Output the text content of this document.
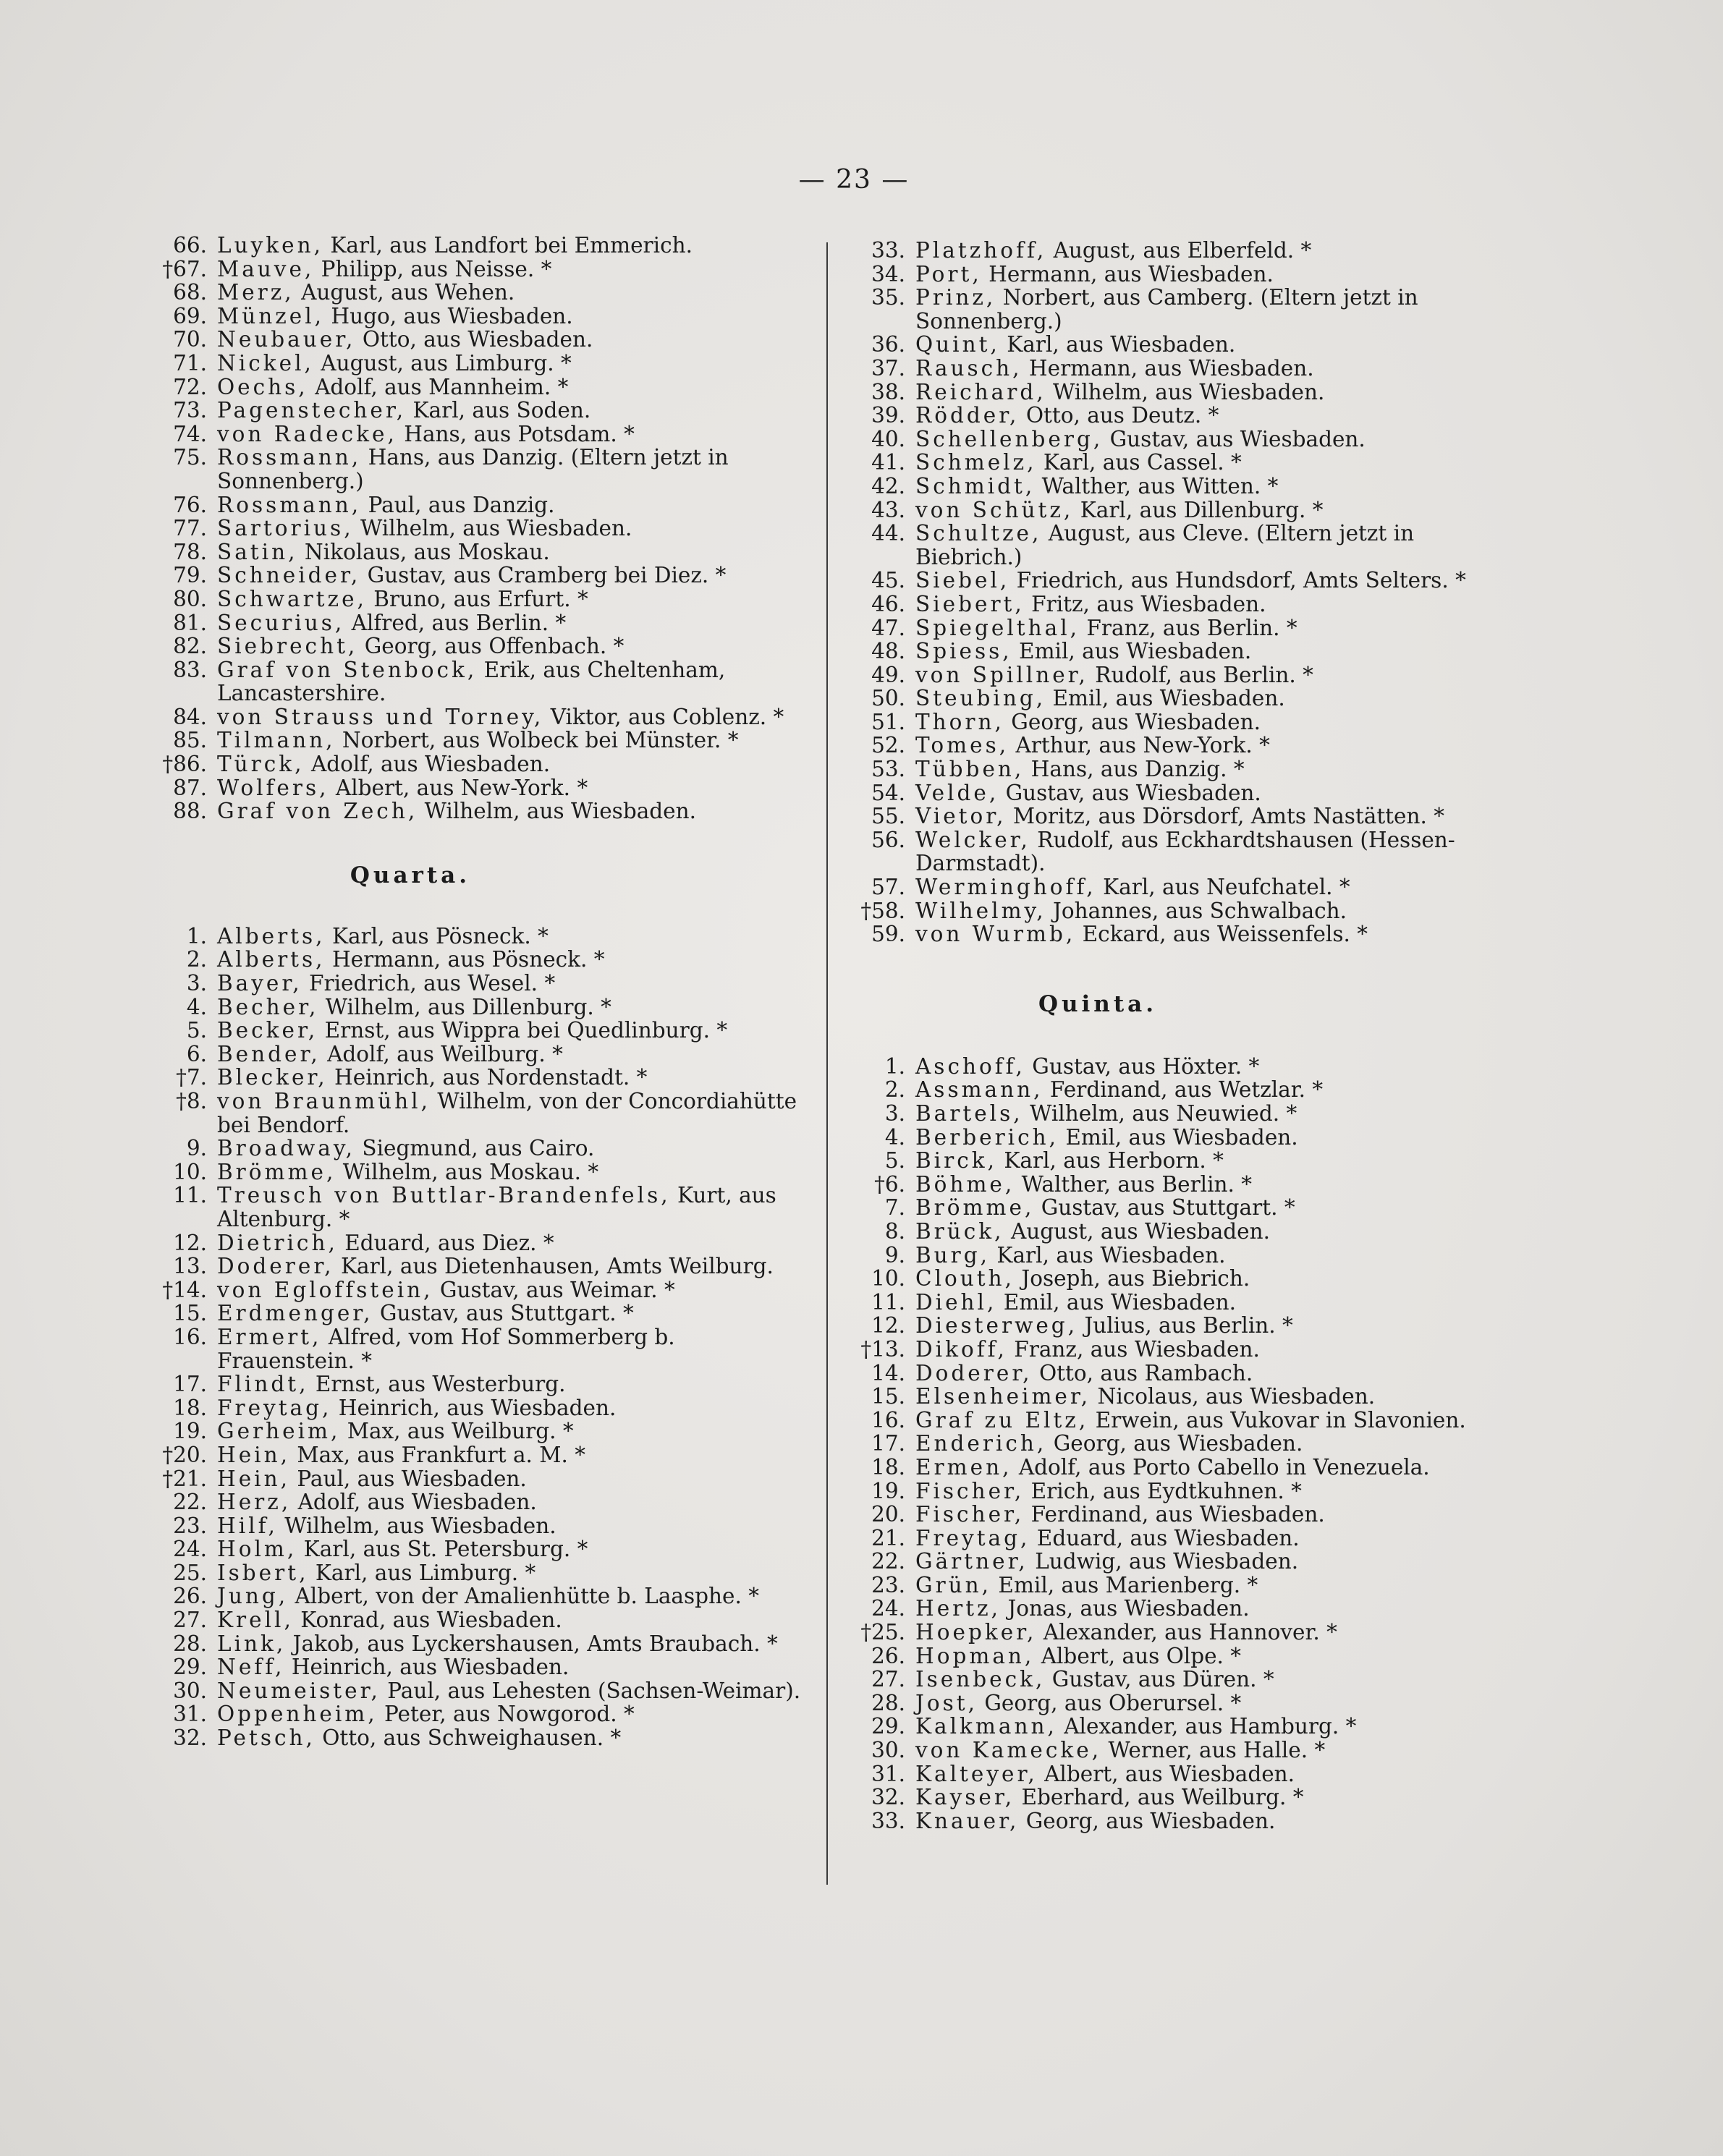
— 23 —
66. Luyken, Karl, aus Landfort bei Emmerich.
†67. Mauve, Philipp, aus Neisse. *
68. Merz, August, aus Wehen.
69. Münzel, Hugo, aus Wiesbaden.
70. Neubauer, Otto, aus Wiesbaden.
71. Nickel, August, aus Limburg. *
72. Oechs, Adolf, aus Mannheim. *
73. Pagenstecher, Karl, aus Soden.
74. von Radecke, Hans, aus Potsdam. *
75. Rossmann, Hans, aus Danzig. (Eltern jetzt in Sonnenberg.)
76. Rossmann, Paul, aus Danzig.
77. Sartorius, Wilhelm, aus Wiesbaden.
78. Satin, Nikolaus, aus Moskau.
79. Schneider, Gustav, aus Cramberg bei Diez. *
80. Schwartze, Bruno, aus Erfurt. *
81. Securius, Alfred, aus Berlin. *
82. Siebrecht, Georg, aus Offenbach. *
83. Graf von Stenbock, Erik, aus Cheltenham, Lancastershire.
84. von Strauss und Torney, Viktor, aus Coblenz. *
85. Tilmann, Norbert, aus Wolbeck bei Münster. *
†86. Türck, Adolf, aus Wiesbaden.
87. Wolfers, Albert, aus New-York. *
88. Graf von Zech, Wilhelm, aus Wiesbaden.
Quarta.
1. Alberts, Karl, aus Pösneck. *
2. Alberts, Hermann, aus Pösneck. *
3. Bayer, Friedrich, aus Wesel. *
4. Becher, Wilhelm, aus Dillenburg. *
5. Becker, Ernst, aus Wippra bei Quedlinburg. *
6. Bender, Adolf, aus Weilburg. *
†7. Blecker, Heinrich, aus Nordenstadt. *
†8. von Braunmühl, Wilhelm, von der Concordiahütte bei Bendorf.
9. Broadway, Siegmund, aus Cairo.
10. Brömme, Wilhelm, aus Moskau. *
11. Treusch von Buttlar-Brandenfels, Kurt, aus Altenburg. *
12. Dietrich, Eduard, aus Diez. *
13. Doderer, Karl, aus Dietenhausen, Amts Weilburg.
†14. von Egloffstein, Gustav, aus Weimar. *
15. Erdmenger, Gustav, aus Stuttgart. *
16. Ermert, Alfred, vom Hof Sommerberg b. Frauenstein. *
17. Flindt, Ernst, aus Westerburg.
18. Freytag, Heinrich, aus Wiesbaden.
19. Gerheim, Max, aus Weilburg. *
†20. Hein, Max, aus Frankfurt a. M. *
†21. Hein, Paul, aus Wiesbaden.
22. Herz, Adolf, aus Wiesbaden.
23. Hilf, Wilhelm, aus Wiesbaden.
24. Holm, Karl, aus St. Petersburg. *
25. Isbert, Karl, aus Limburg. *
26. Jung, Albert, von der Amalienhütte b. Laasphe. *
27. Krell, Konrad, aus Wiesbaden.
28. Link, Jakob, aus Lyckershausen, Amts Braubach. *
29. Neff, Heinrich, aus Wiesbaden.
30. Neumeister, Paul, aus Lehesten (Sachsen-Weimar).
31. Oppenheim, Peter, aus Nowgorod. *
32. Petsch, Otto, aus Schweighausen. *
33. Platzhoff, August, aus Elberfeld. *
34. Port, Hermann, aus Wiesbaden.
35. Prinz, Norbert, aus Camberg. (Eltern jetzt in Sonnenberg.)
36. Quint, Karl, aus Wiesbaden.
37. Rausch, Hermann, aus Wiesbaden.
38. Reichard, Wilhelm, aus Wiesbaden.
39. Rödder, Otto, aus Deutz. *
40. Schellenberg, Gustav, aus Wiesbaden.
41. Schmelz, Karl, aus Cassel. *
42. Schmidt, Walther, aus Witten. *
43. von Schütz, Karl, aus Dillenburg. *
44. Schultze, August, aus Cleve. (Eltern jetzt in Biebrich.)
45. Siebel, Friedrich, aus Hundsdorf, Amts Selters. *
46. Siebert, Fritz, aus Wiesbaden.
47. Spiegelthal, Franz, aus Berlin. *
48. Spiess, Emil, aus Wiesbaden.
49. von Spillner, Rudolf, aus Berlin. *
50. Steubing, Emil, aus Wiesbaden.
51. Thorn, Georg, aus Wiesbaden.
52. Tomes, Arthur, aus New-York. *
53. Tübben, Hans, aus Danzig. *
54. Velde, Gustav, aus Wiesbaden.
55. Vietor, Moritz, aus Dörsdorf, Amts Nastätten. *
56. Welcker, Rudolf, aus Eckhardtshausen (Hessen-Darmstadt).
57. Werminghoff, Karl, aus Neufchatel. *
†58. Wilhelmy, Johannes, aus Schwalbach.
59. von Wurmb, Eckard, aus Weissenfels. *
Quinta.
1. Aschoff, Gustav, aus Höxter. *
2. Assmann, Ferdinand, aus Wetzlar. *
3. Bartels, Wilhelm, aus Neuwied. *
4. Berberich, Emil, aus Wiesbaden.
5. Birck, Karl, aus Herborn. *
†6. Böhme, Walther, aus Berlin. *
7. Brömme, Gustav, aus Stuttgart. *
8. Brück, August, aus Wiesbaden.
9. Burg, Karl, aus Wiesbaden.
10. Clouth, Joseph, aus Biebrich.
11. Diehl, Emil, aus Wiesbaden.
12. Diesterweg, Julius, aus Berlin. *
†13. Dikoff, Franz, aus Wiesbaden.
14. Doderer, Otto, aus Rambach.
15. Elsenheimer, Nicolaus, aus Wiesbaden.
16. Graf zu Eltz, Erwein, aus Vukovar in Slavonien.
17. Enderich, Georg, aus Wiesbaden.
18. Ermen, Adolf, aus Porto Cabello in Venezuela.
19. Fischer, Erich, aus Eydtkuhnen. *
20. Fischer, Ferdinand, aus Wiesbaden.
21. Freytag, Eduard, aus Wiesbaden.
22. Gärtner, Ludwig, aus Wiesbaden.
23. Grün, Emil, aus Marienberg. *
24. Hertz, Jonas, aus Wiesbaden.
†25. Hoepker, Alexander, aus Hannover. *
26. Hopman, Albert, aus Olpe. *
27. Isenbeck, Gustav, aus Düren. *
28. Jost, Georg, aus Oberursel. *
29. Kalkmann, Alexander, aus Hamburg. *
30. von Kamecke, Werner, aus Halle. *
31. Kalteyer, Albert, aus Wiesbaden.
32. Kayser, Eberhard, aus Weilburg. *
33. Knauer, Georg, aus Wiesbaden.
